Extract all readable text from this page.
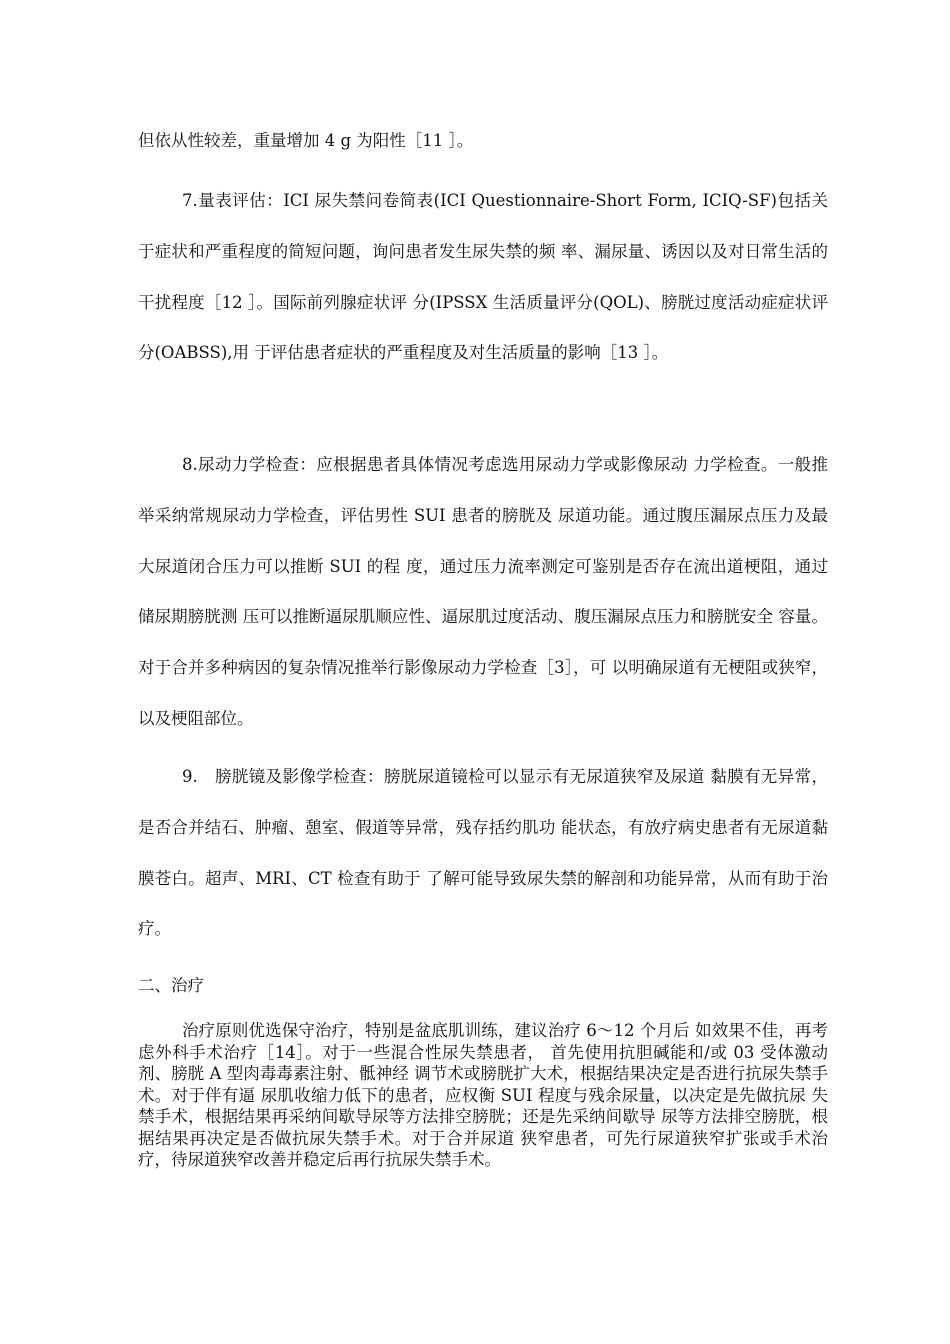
但依从性较差，重量增加 4 g 为阳性［11 ］。

7.量表评估：ICI 尿失禁问卷简表(ICI Questionnaire-Short Form, ICIQ-SF)包括关于症状和严重程度的简短问题，询问患者发生尿失禁的频 率、漏尿量、诱因以及对日常生活的干扰程度［12 ］。国际前列腺症状评 分(IPSSX 生活质量评分(QOL)、膀胱过度活动症症状评分(OABSS),用 于评估患者症状的严重程度及对生活质量的影响［13 ］。

8.尿动力学检查：应根据患者具体情况考虑选用尿动力学或影像尿动 力学检查。一般推举采纳常规尿动力学检查，评估男性 SUI 患者的膀胱及 尿道功能。通过腹压漏尿点压力及最大尿道闭合压力可以推断 SUI 的程 度，通过压力流率测定可鉴别是否存在流出道梗阻，通过储尿期膀胱测 压可以推断逼尿肌顺应性、逼尿肌过度活动、腹压漏尿点压力和膀胱安全 容量。对于合并多种病因的复杂情况推举行影像尿动力学检查［3］，可 以明确尿道有无梗阻或狭窄，以及梗阻部位。

9.　膀胱镜及影像学检查：膀胱尿道镜检可以显示有无尿道狭窄及尿道 黏膜有无异常，是否合并结石、肿瘤、憩室、假道等异常，残存括约肌功 能状态，有放疗病史患者有无尿道黏膜苍白。超声、MRI、CT 检查有助于 了解可能导致尿失禁的解剖和功能异常，从而有助于治疗。

二、治疗

治疗原则优选保守治疗，特别是盆底肌训练，建议治疗 6〜12 个月后 如效果不佳，再考虑外科手术治疗［14］。对于一些混合性尿失禁患者， 首先使用抗胆碱能和/或 03 受体激动剂、膀胱 A 型肉毒毒素注射、骶神经 调节术或膀胱扩大术，根据结果决定是否进行抗尿失禁手术。对于伴有逼 尿肌收缩力低下的患者，应权衡 SUI 程度与残余尿量，以决定是先做抗尿 失禁手术，根据结果再采纳间歇导尿等方法排空膀胱；还是先采纳间歇导 尿等方法排空膀胱，根据结果再决定是否做抗尿失禁手术。对于合并尿道 狭窄患者，可先行尿道狭窄扩张或手术治疗，待尿道狭窄改善并稳定后再行抗尿失禁手术。
